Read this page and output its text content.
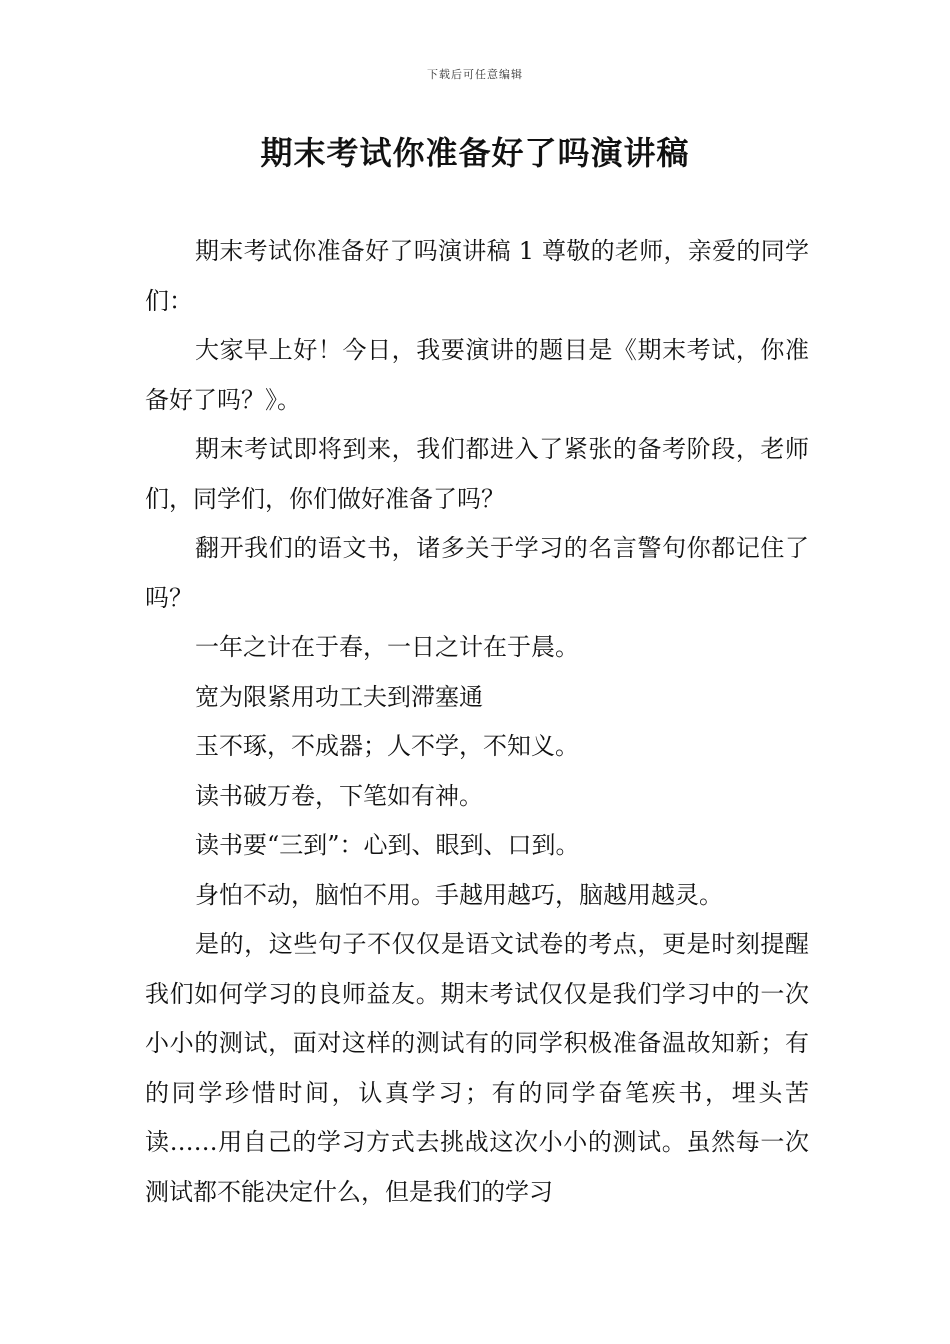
下载后可任意编辑
期末考试你准备好了吗演讲稿

期末考试你准备好了吗演讲稿 1 尊敬的老师，亲爱的同学们：

大家早上好！今日，我要演讲的题目是《期末考试，你准备好了吗？》。

期末考试即将到来，我们都进入了紧张的备考阶段，老师们，同学们，你们做好准备了吗？

翻开我们的语文书，诸多关于学习的名言警句你都记住了吗？

一年之计在于春，一日之计在于晨。

宽为限紧用功工夫到滞塞通

玉不琢，不成器；人不学，不知义。

读书破万卷，下笔如有神。

读书要“三到”：心到、眼到、口到。

身怕不动，脑怕不用。手越用越巧，脑越用越灵。

是的，这些句子不仅仅是语文试卷的考点，更是时刻提醒我们如何学习的良师益友。期末考试仅仅是我们学习中的一次小小的测试，面对这样的测试有的同学积极准备温故知新；有的同学珍惜时间，认真学习；有的同学奋笔疾书，埋头苦读……用自己的学习方式去挑战这次小小的测试。虽然每一次测试都不能决定什么，但是我们的学习
